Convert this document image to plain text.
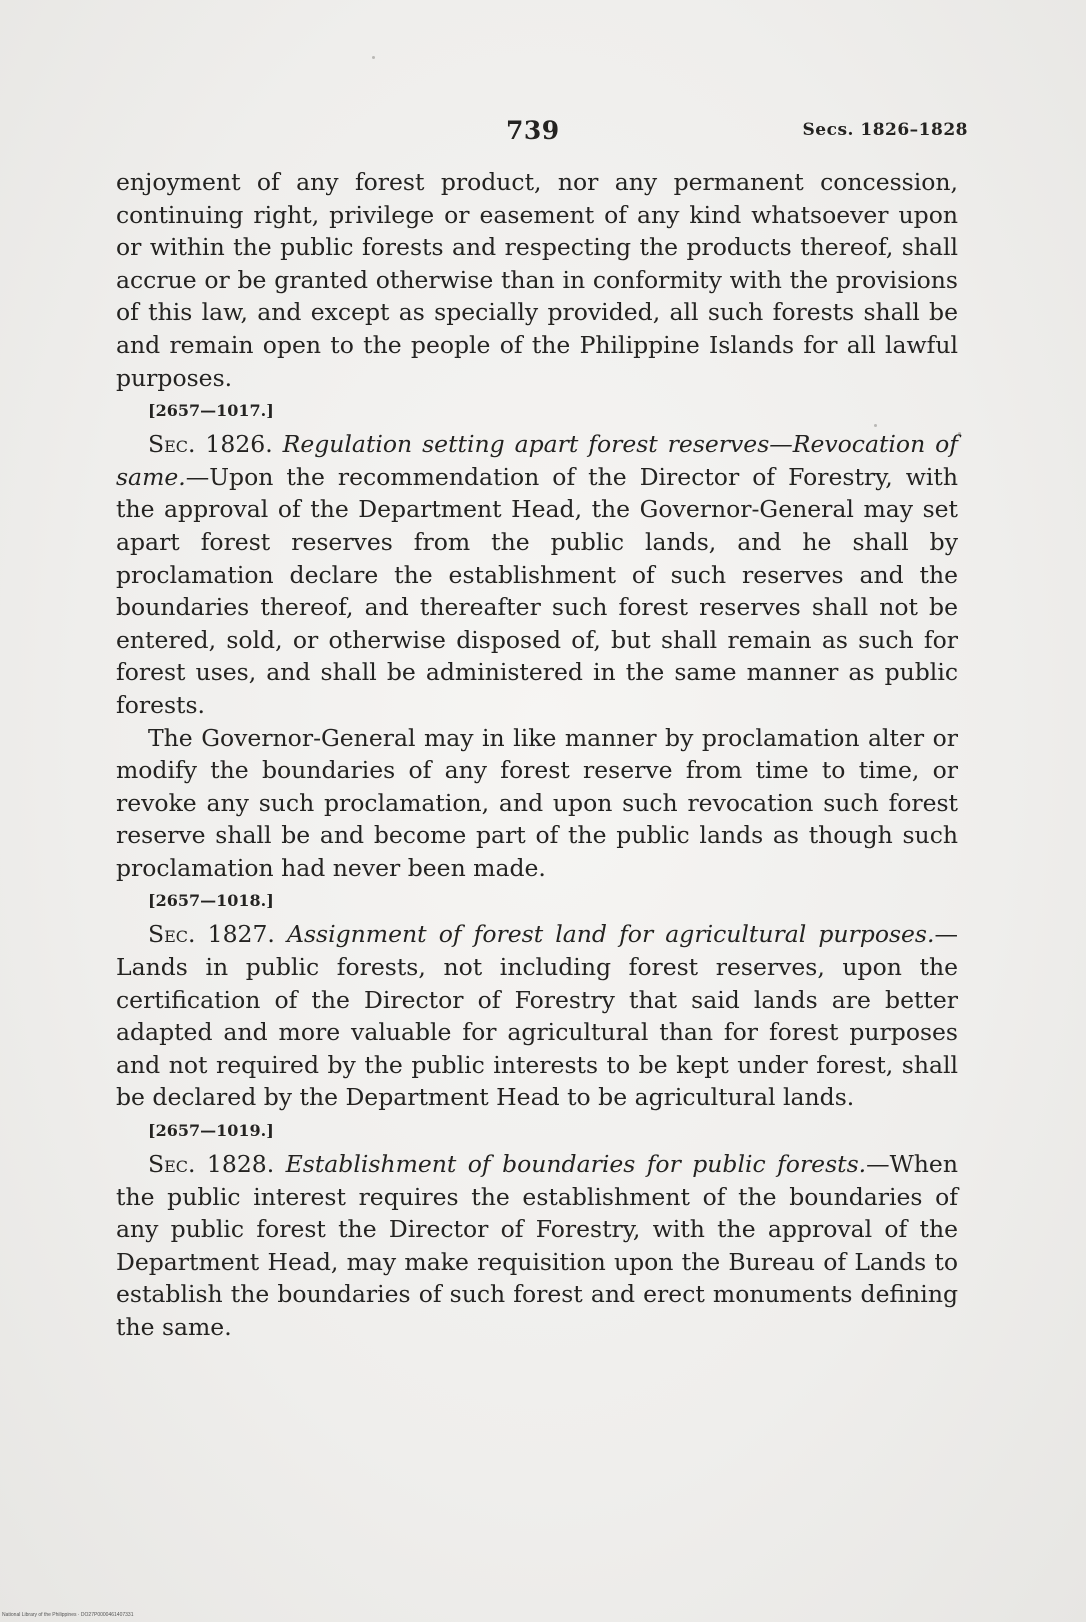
739	Secs. 1826–1828

enjoyment of any forest product, nor any permanent concession, continuing right, privilege or easement of any kind whatsoever upon or within the public forests and respecting the products thereof, shall accrue or be granted otherwise than in conformity with the provisions of this law, and except as specially provided, all such forests shall be and remain open to the people of the Philippine Islands for all lawful purposes.

[2657—1017.]

Sec. 1826. Regulation setting apart forest reserves—Revocation of same.—Upon the recommendation of the Director of Forestry, with the approval of the Department Head, the Governor-General may set apart forest reserves from the public lands, and he shall by proclamation declare the establishment of such reserves and the boundaries thereof, and thereafter such forest reserves shall not be entered, sold, or otherwise disposed of, but shall remain as such for forest uses, and shall be administered in the same manner as public forests.

The Governor-General may in like manner by proclamation alter or modify the boundaries of any forest reserve from time to time, or revoke any such proclamation, and upon such revocation such forest reserve shall be and become part of the public lands as though such proclamation had never been made.

[2657—1018.]

Sec. 1827. Assignment of forest land for agricultural purposes.—Lands in public forests, not including forest reserves, upon the certification of the Director of Forestry that said lands are better adapted and more valuable for agricultural than for forest purposes and not required by the public interests to be kept under forest, shall be declared by the Department Head to be agricultural lands.

[2657—1019.]

Sec. 1828. Establishment of boundaries for public forests.—When the public interest requires the establishment of the boundaries of any public forest the Director of Forestry, with the approval of the Department Head, may make requisition upon the Bureau of Lands to establish the boundaries of such forest and erect monuments defining the same.

National Library of the Philippines · DO27P0000461407331
